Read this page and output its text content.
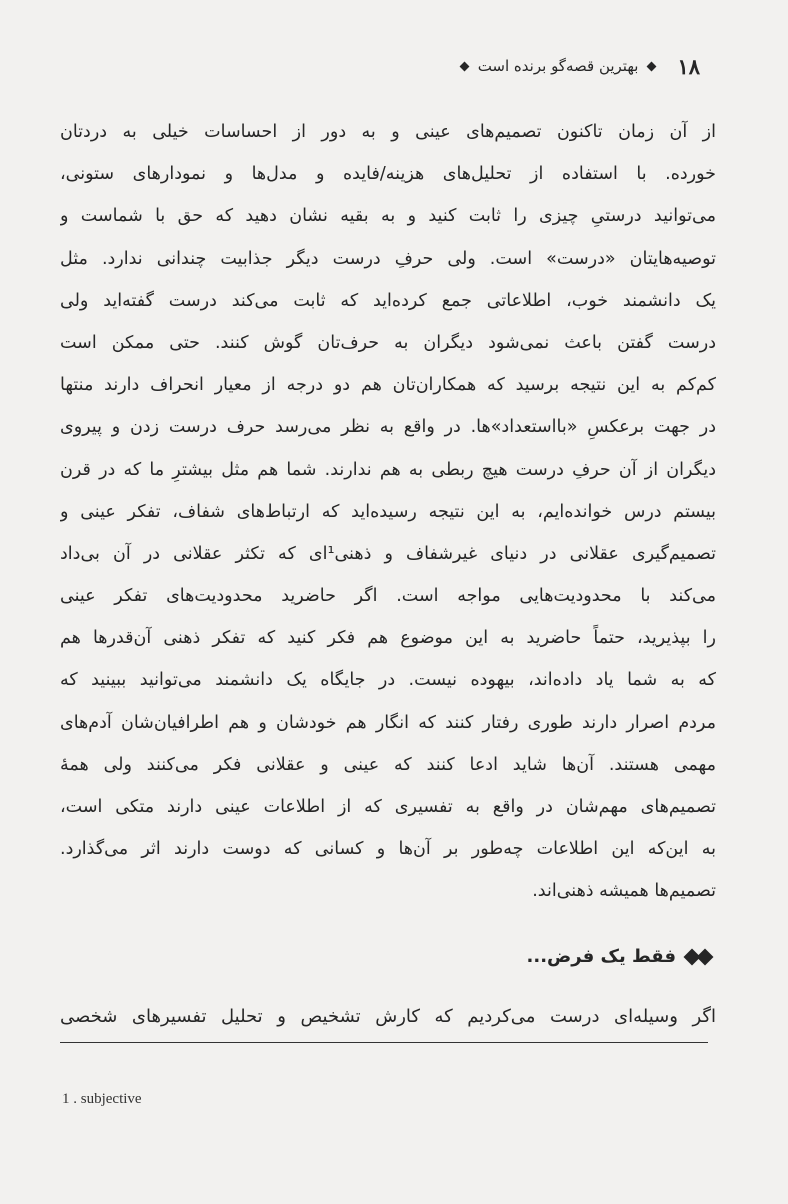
۱۸
بهترین قصه‌گو برنده است
از آن زمان تاکنون تصمیم‌های عینی و به دور از احساسات خیلی به دردتان
خورده. با استفاده از تحلیل‌های هزینه/فایده و مدل‌ها و نمودارهای ستونی،
می‌توانید درستیِ چیزی را ثابت کنید و به بقیه نشان دهید که حق با شماست و
توصیه‌هایتان «درست» است. ولی حرفِ درست دیگر جذابیت چندانی ندارد. مثل
یک دانشمند خوب، اطلاعاتی جمع کرده‌اید که ثابت می‌کند درست گفته‌اید ولی
درست گفتن باعث نمی‌شود دیگران به حرف‌تان گوش کنند. حتی ممکن است
کم‌کم به این نتیجه برسید که همکاران‌تان هم دو درجه از معیار انحراف دارند منتها
در جهت برعکسِ «بااستعداد»ها. در واقع به نظر می‌رسد حرف درست زدن و پیروی
دیگران از آن حرفِ درست هیچ ربطی به هم ندارند. شما هم مثل بیشترِ ما که در قرن
بیستم درس خوانده‌ایم، به این نتیجه رسیده‌اید که ارتباط‌های شفاف، تفکر عینی و
تصمیم‌گیری عقلانی در دنیای غیرشفاف و ذهنی¹ای که تکثر عقلانی در آن بی‌داد
می‌کند با محدودیت‌هایی مواجه است. اگر حاضرید محدودیت‌های تفکر عینی
را بپذیرید، حتماً حاضرید به این موضوع هم فکر کنید که تفکر ذهنی آن‌قدرها هم
که به شما یاد داده‌اند، بیهوده نیست. در جایگاه یک دانشمند می‌توانید ببینید که
مردم اصرار دارند طوری رفتار کنند که انگار هم خودشان و هم اطرافیان‌شان آدم‌های
مهمی هستند. آن‌ها شاید ادعا کنند که عینی و عقلانی فکر می‌کنند ولی همهٔ
تصمیم‌های مهم‌شان در واقع به تفسیری که از اطلاعات عینی دارند متکی است،
به این‌که این اطلاعات چه‌طور بر آن‌ها و کسانی که دوست دارند اثر می‌گذارد.
تصمیم‌ها همیشه ذهنی‌اند.
فقط یک فرض...
اگر وسیله‌ای درست می‌کردیم که کارش تشخیص و تحلیل تفسیرهای شخصی
1 . subjective
